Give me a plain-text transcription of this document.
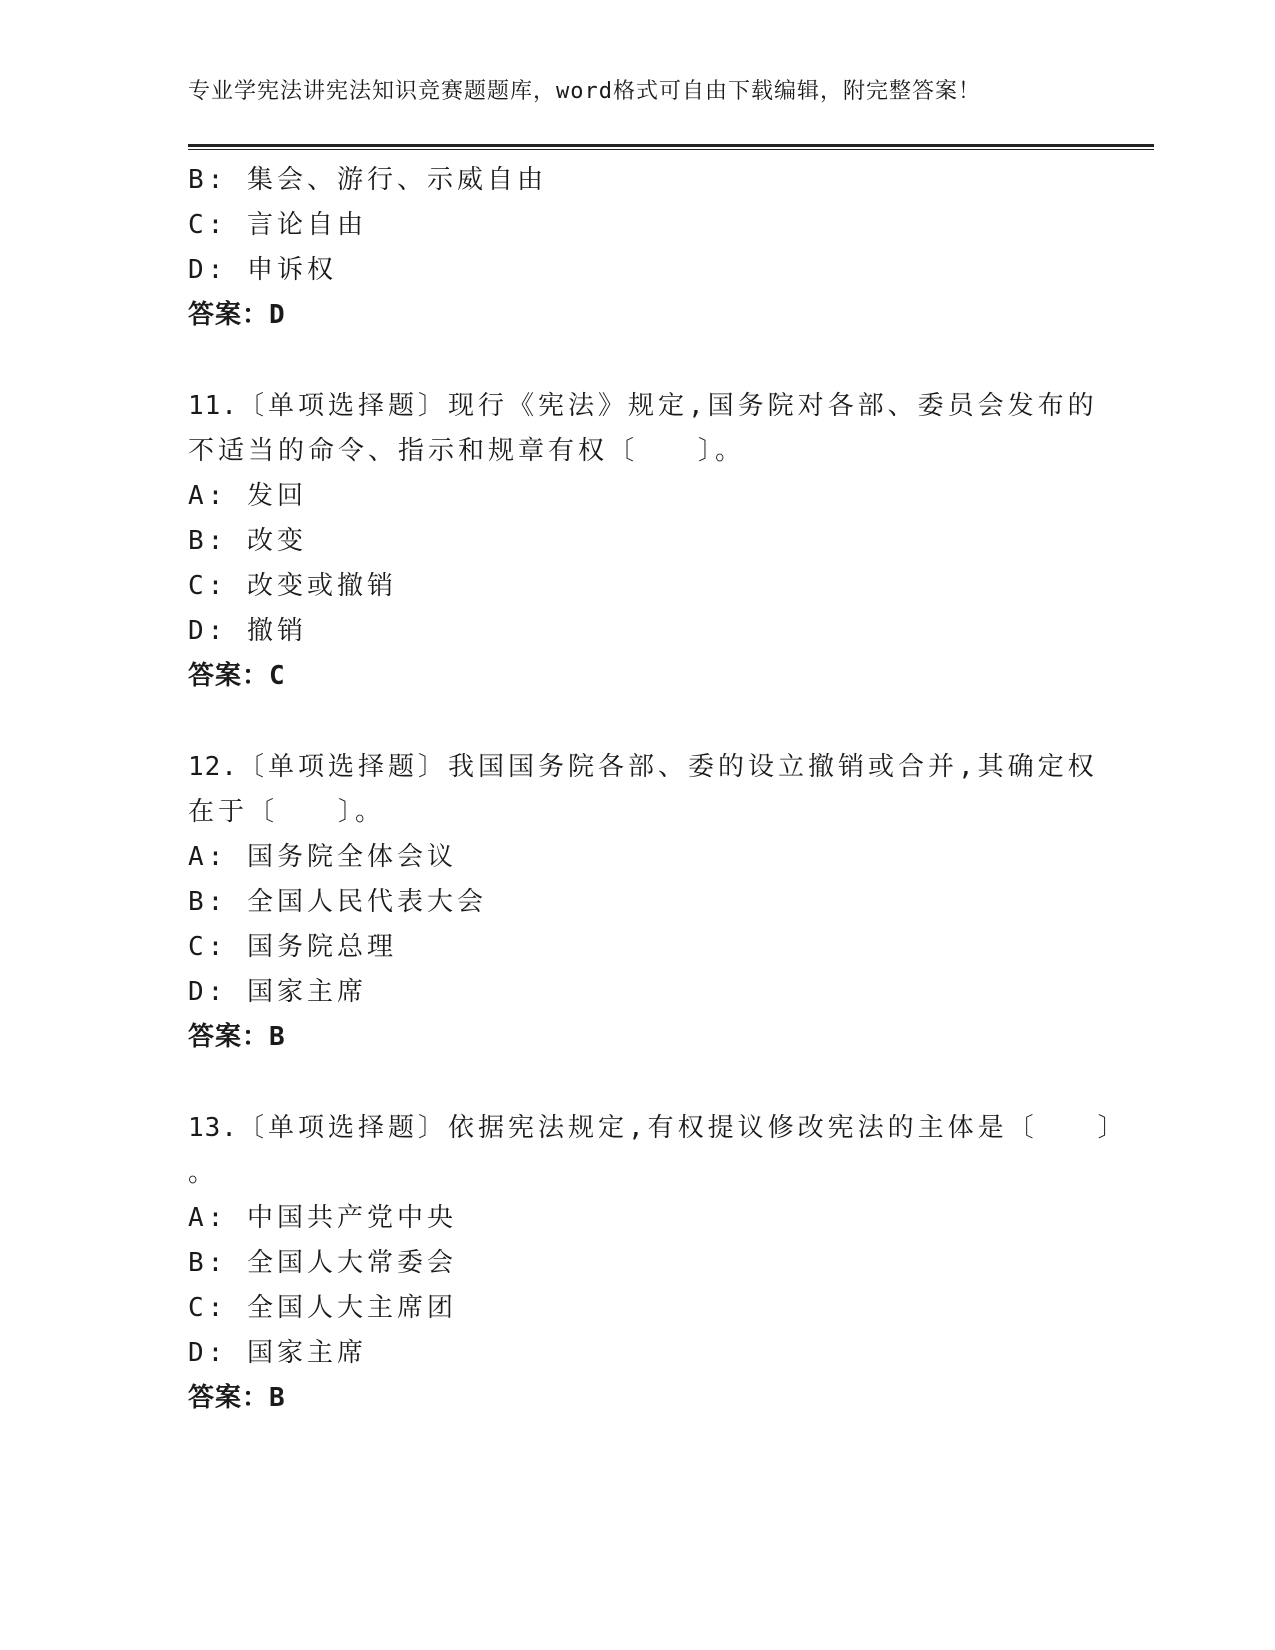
专业学宪法讲宪法知识竞赛题题库，word格式可自由下载编辑，附完整答案！
B: 集会、游行、示威自由
C: 言论自由
D: 申诉权
答案：D
11.〔单项选择题〕现行《宪法》规定,国务院对各部、委员会发布的
不适当的命令、指示和规章有权〔　　〕。
A: 发回
B: 改变
C: 改变或撤销
D: 撤销
答案：C
12.〔单项选择题〕我国国务院各部、委的设立撤销或合并,其确定权
在于〔　　〕。
A: 国务院全体会议
B: 全国人民代表大会
C: 国务院总理
D: 国家主席
答案：B
13.〔单项选择题〕依据宪法规定,有权提议修改宪法的主体是〔　　〕
。
A: 中国共产党中央
B: 全国人大常委会
C: 全国人大主席团
D: 国家主席
答案：B
